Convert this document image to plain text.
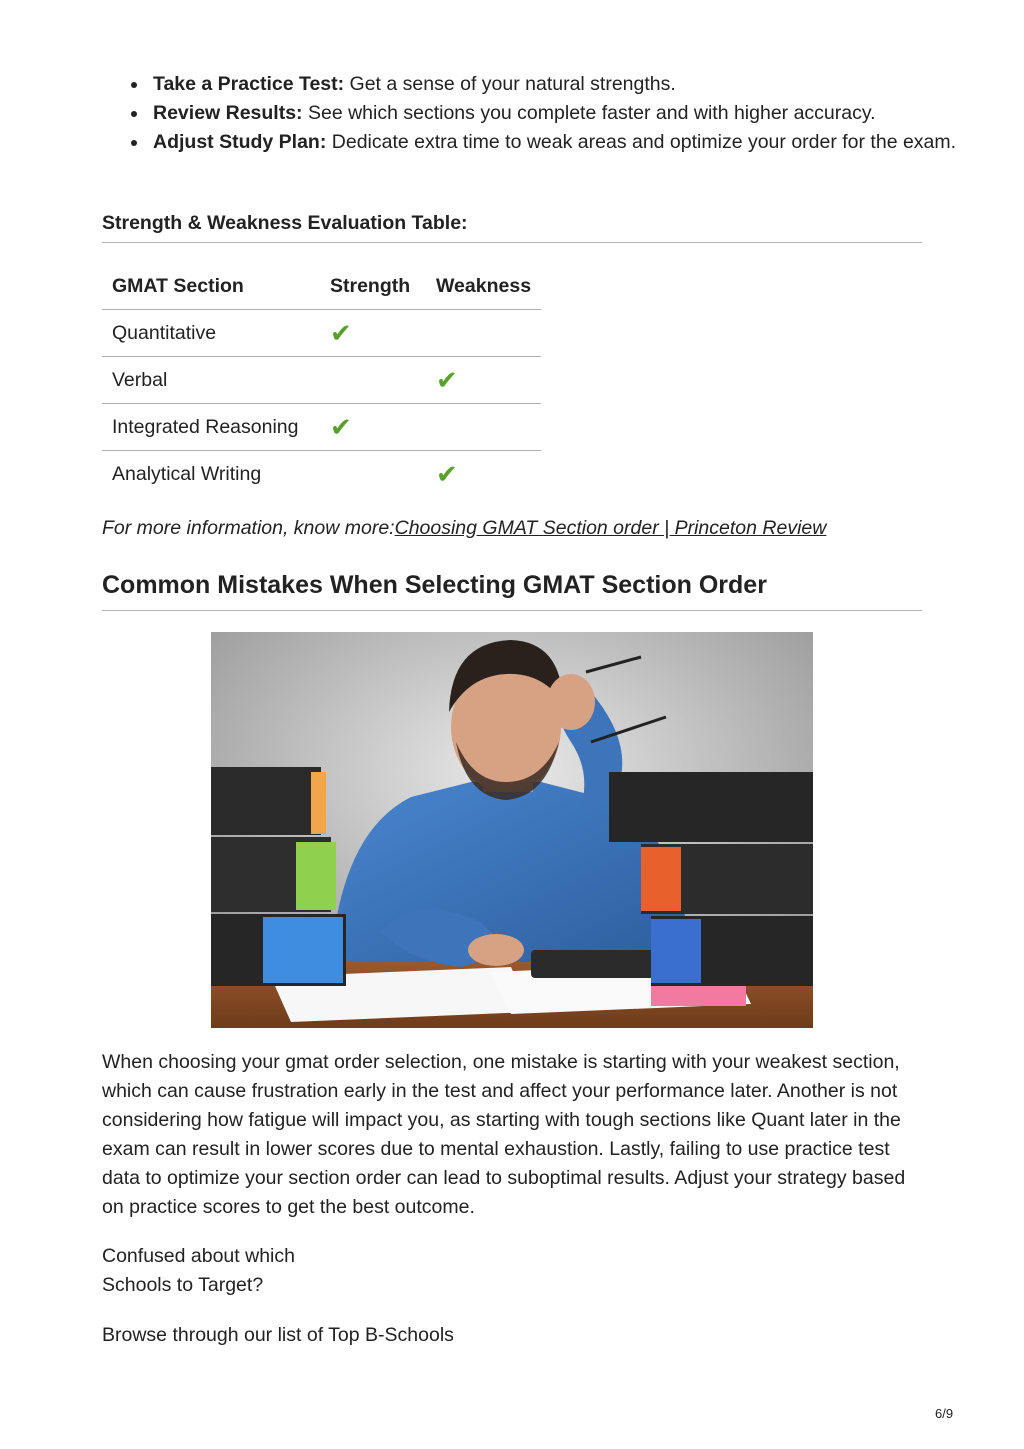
Take a Practice Test: Get a sense of your natural strengths.
Review Results: See which sections you complete faster and with higher accuracy.
Adjust Study Plan: Dedicate extra time to weak areas and optimize your order for the exam.
Strength & Weakness Evaluation Table:
GMAT Section	Strength	Weakness
Quantitative	✔	
Verbal		✔
Integrated Reasoning	✔	
Analytical Writing		✔
For more information, know more:Choosing GMAT Section order | Princeton Review
Common Mistakes When Selecting GMAT Section Order

When choosing your gmat order selection, one mistake is starting with your weakest section, which can cause frustration early in the test and affect your performance later. Another is not considering how fatigue will impact you, as starting with tough sections like Quant later in the exam can result in lower scores due to mental exhaustion. Lastly, failing to use practice test data to optimize your section order can lead to suboptimal results. Adjust your strategy based on practice scores to get the best outcome.

Confused about which
Schools to Target?

Browse through our list of Top B-Schools

6/9
